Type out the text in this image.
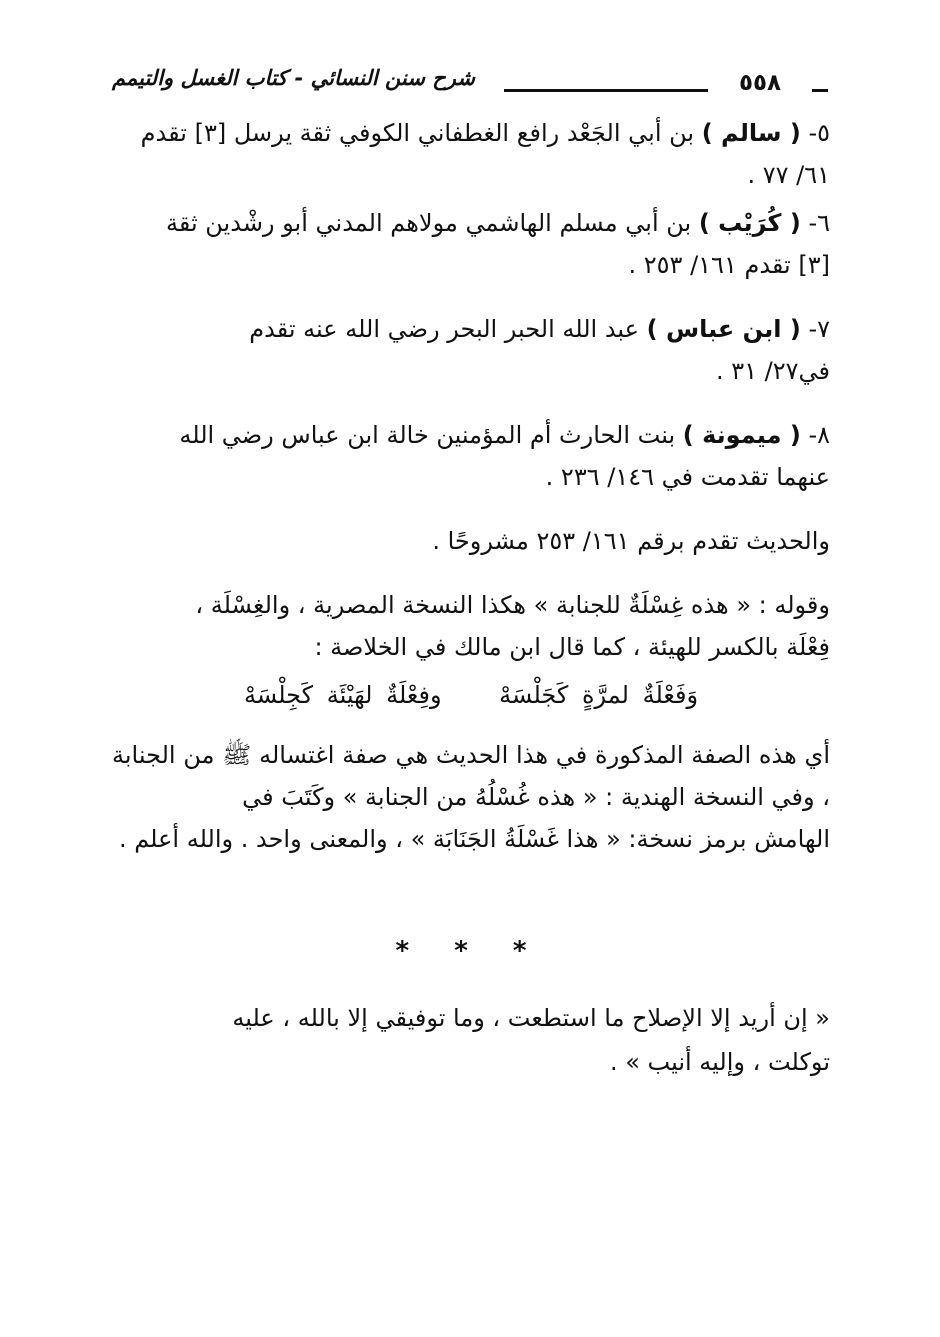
شرح سنن النسائي - كتاب الغسل والتيمم	٥٥٨

٥- ( سالم ) بن أبي الجَعْد رافع الغطفاني الكوفي ثقة يرسل [٣] تقدم
٦١/ ٧٧ .

٦- ( كُرَيْب ) بن أبي مسلم الهاشمي مولاهم المدني أبو رشْدين ثقة
[٣] تقدم ١٦١/ ٢٥٣ .

٧- ( ابن عباس ) عبد الله الحبر البحر رضي الله عنه تقدم
في٢٧/ ٣١ .

٨- ( ميمونة ) بنت الحارث أم المؤمنين خالة ابن عباس رضي الله
عنهما تقدمت في ١٤٦/ ٢٣٦ .

والحديث تقدم برقم ١٦١/ ٢٥٣ مشروحًا .

وقوله : « هذه غِسْلَةٌ للجنابة » هكذا النسخة المصرية ، والغِسْلَة ،
فِعْلَة بالكسر للهيئة ، كما قال ابن مالك في الخلاصة :

وَفَعْلَةٌ لمرَّةٍ كَجَلْسَهْ وفِعْلَةٌ لهَيْئَة كَجِلْسَهْ

أي هذه الصفة المذكورة في هذا الحديث هي صفة اغتساله ﷺ من الجنابة ، وفي النسخة الهندية : « هذه غُسْلُهُ من الجنابة » وكَتَبَ في
الهامش برمز نسخة: « هذا غَسْلَةُ الجَنَابَة » ، والمعنى واحد . والله أعلم .

* * *
« إن أريد إلا الإصلاح ما استطعت ، وما توفيقي إلا بالله ، عليه
توكلت ، وإليه أنيب » .
